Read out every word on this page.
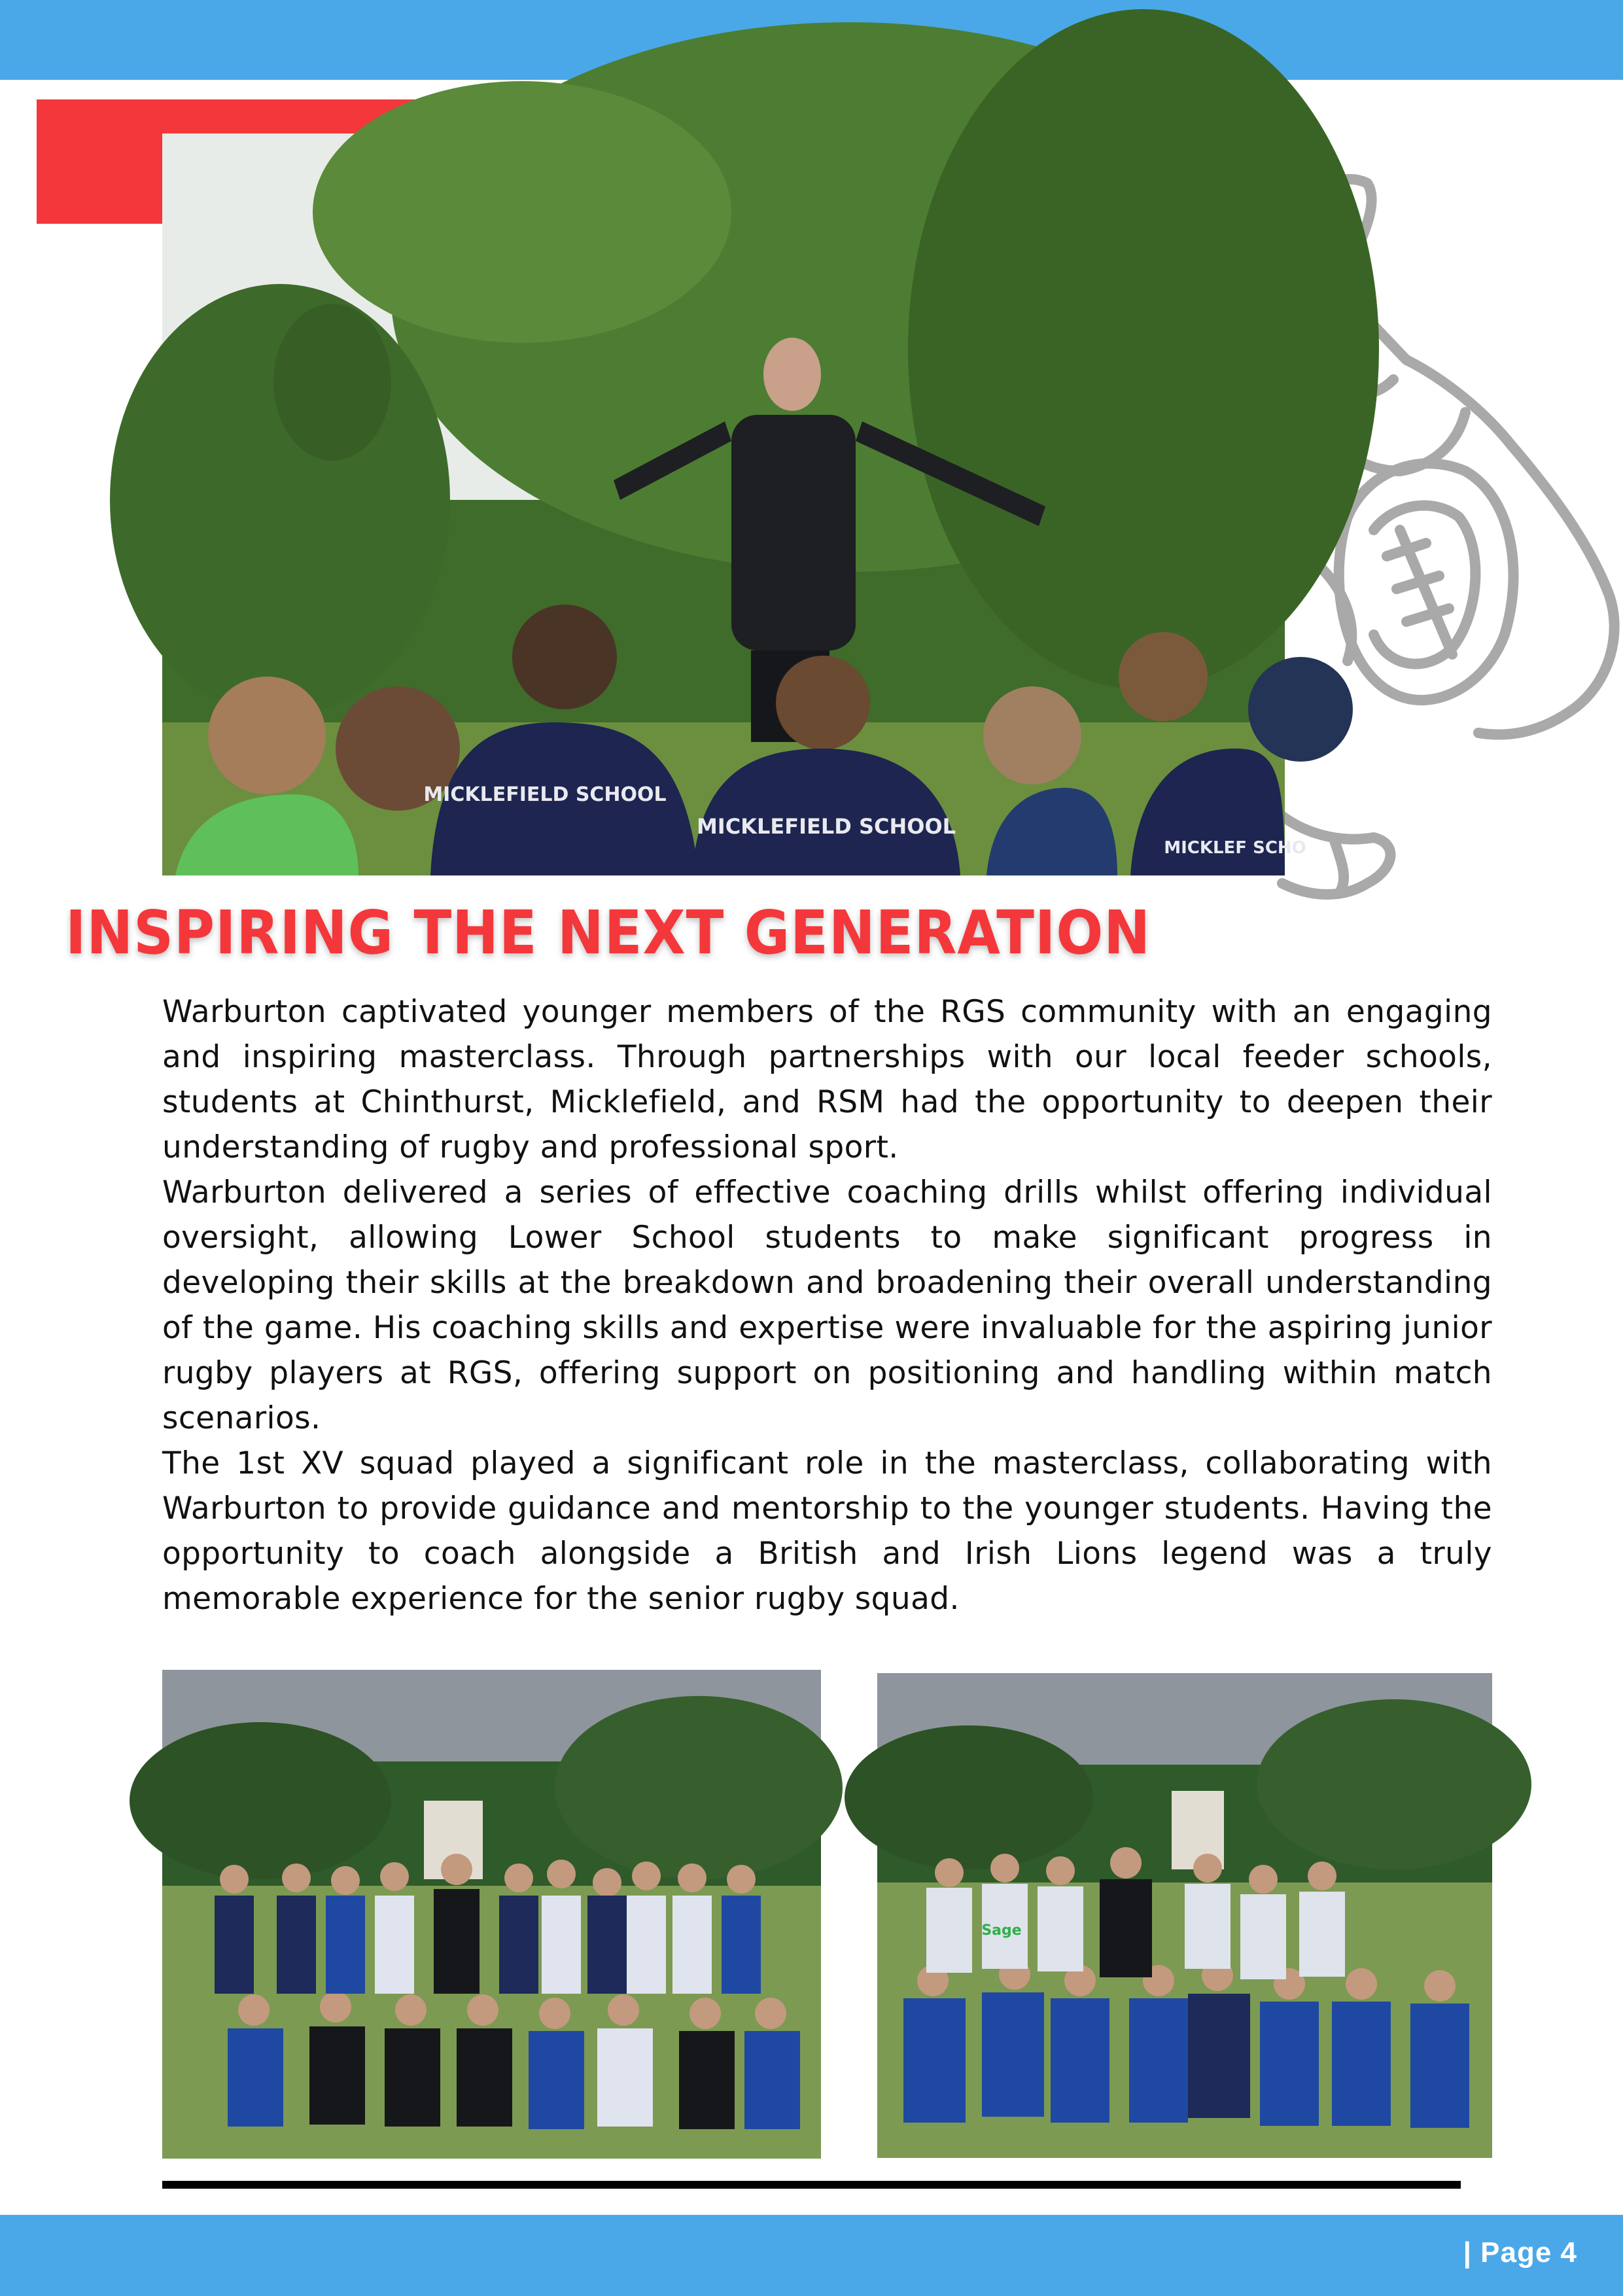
MICKLEFIELD SCHOOL
MICKLEFIELD SCHOOL
MICKLEF SCHO
INSPIRING THE NEXT GENERATION

Warburton captivated younger members of the RGS community with an engaging and inspiring masterclass. Through partnerships with our local feeder schools, students at Chinthurst, Micklefield, and RSM had the opportunity to deepen their understanding of rugby and professional sport.

Warburton delivered a series of effective coaching drills whilst offering individual oversight, allowing Lower School students to make significant progress in developing their skills at the breakdown and broadening their overall understanding of the game. His coaching skills and expertise were invaluable for the aspiring junior rugby players at RGS, offering support on positioning and handling within match scenarios.

The 1st XV squad played a significant role in the masterclass, collaborating with Warburton to provide guidance and mentorship to the younger students. Having the opportunity to coach alongside a British and Irish Lions legend was a truly memorable experience for the senior rugby squad.

Sage
| Page 4
